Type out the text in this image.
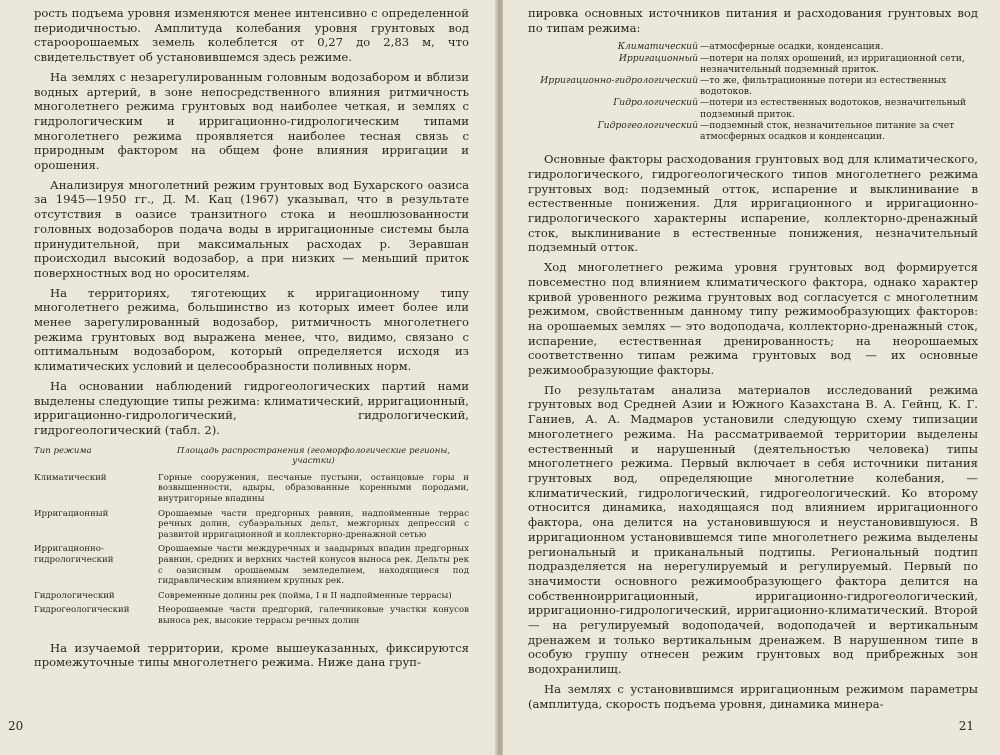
рость подъема уровня изменяются менее интенсивно с определенной периодичностью. Амплитуда колебания уровня грунтовых вод староорошаемых земель колеблется от 0,27 до 2,83 м, что свидетельствует об установившемся здесь режиме.

На землях с незарегулированным головным водозабором и вблизи водных артерий, в зоне непосредственного влияния ритмичность многолетнего режима грунтовых вод наиболее четкая, и землях с гидрологическим и ирригационно-гидрологическим типами многолетнего режима проявляется наиболее тесная связь с природным фактором на общем фоне влияния ирригации и орошения.

Анализируя многолетний режим грунтовых вод Бухарского оазиса за 1945—1950 гг., Д. М. Кац (1967) указывал, что в результате отсутствия в оазисе транзитного стока и неошлюзованности головных водозаборов подача воды в ирригационные системы была принудительной, при максимальных расходах р. Зеравшан происходил высокий водозабор, а при низких — меньший приток поверхностных вод но оросителям.

На территориях, тяготеющих к ирригационному типу многолетнего режима, большинство из которых имеет более или менее зарегулированный водозабор, ритмичность многолетнего режима грунтовых вод выражена менее, что, видимо, связано с оптимальным водозабором, который определяется исходя из климатических условий и целесообразности поливных норм.

На основании наблюдений гидрогеологических партий нами выделены следующие типы режима: климатический, ирригационный, ирригационно-гидрологический, гидрологический, гидрогеологический (табл. 2).

Тип режима	Площадь распространения (геоморфологические регионы, участки)
Климатический	Горные сооружения, песчаные пустыни, останцовые горы и возвышенности, адыры, образованные коренными породами, внутригорные впадины
Ирригационный	Орошаемые части предгорных равнин, надпойменные террас речных долин, субаэральных дельт, межгорных депрессий с развитой ирригационной и коллекторно-дренажной сетью
Ирригационно-гидрологический	Орошаемые части междуречных и заадырных впадин предгорных равнин, средних и верхних частей конусов выноса рек. Дельты рек с оазисным орошаемым земледелием, находящиеся под гидравлическим влиянием крупных рек.
Гидрологический	Современные долины рек (пойма, I и II надпойменные террасы)
Гидрогеологический	Неорошаемые части предгорий, галечниковые участки конусов выноса рек, высокие террасы речных долин

На изучаемой территории, кроме вышеуказанных, фиксируются промежуточные типы многолетнего режима. Ниже дана груп-

20

пировка основных источников питания и расходования грунтовых вод по типам режима:

Климатический —атмосферные осадки, конденсация.
Ирригационный —потери на полях орошений, из ирригационной сети, незначительный подземный приток.
Ирригационно-гидрологический —то же, фильтрационные потери из естественных водотоков.
Гидрологический —потери из естественных водотоков, незначительный подземный приток.
Гидрогеологический —подземный сток, незначительное питание за счет атмосферных осадков и конденсации.

Основные факторы расходования грунтовых вод для климатического, гидрологического, гидрогеологического типов многолетнего режима грунтовых вод: подземный отток, испарение и выклинивание в естественные понижения. Для ирригационного и ирригационно-гидрологического характерны испарение, коллекторно-дренажный сток, выклинивание в естественные понижения, незначительный подземный отток.

Ход многолетнего режима уровня грунтовых вод формируется повсеместно под влиянием климатического фактора, однако характер кривой уровенного режима грунтовых вод согласуется с многолетним режимом, свойственным данному типу режимообразующих факторов: на орошаемых землях — это водоподача, коллекторно-дренажный сток, испарение, естественная дренированность; на неорошаемых соответственно типам режима грунтовых вод — их основные режимообразующие факторы.

По результатам анализа материалов исследований режима грунтовых вод Средней Азии и Южного Казахстана В. А. Гейнц, К. Г. Ганиев, А. А. Мадмаров установили следующую схему типизации многолетнего режима. На рассматриваемой территории выделены естественный и нарушенный (деятельностью человека) типы многолетнего режима. Первый включает в себя источники питания грунтовых вод, определяющие многолетние колебания, — климатический, гидрологический, гидрогеологический. Ко второму относится динамика, находящаяся под влиянием ирригационного фактора, она делится на установившуюся и неустановившуюся. В ирригационном установившемся типе многолетнего режима выделены региональный и приканальный подтипы. Региональный подтип подразделяется на нерегулируемый и регулируемый. Первый по значимости основного режимообразующего фактора делится на собственноирригационный, ирригационно-гидрогеологический, ирригационно-гидрологический, ирригационно-климатический. Второй — на регулируемый водоподачей, водоподачей и вертикальным дренажем и только вертикальным дренажем. В нарушенном типе в особую группу отнесен режим грунтовых вод прибрежных зон водохранилищ.

На землях с установившимся ирригационным режимом параметры (амплитуда, скорость подъема уровня, динамика минера-

21
